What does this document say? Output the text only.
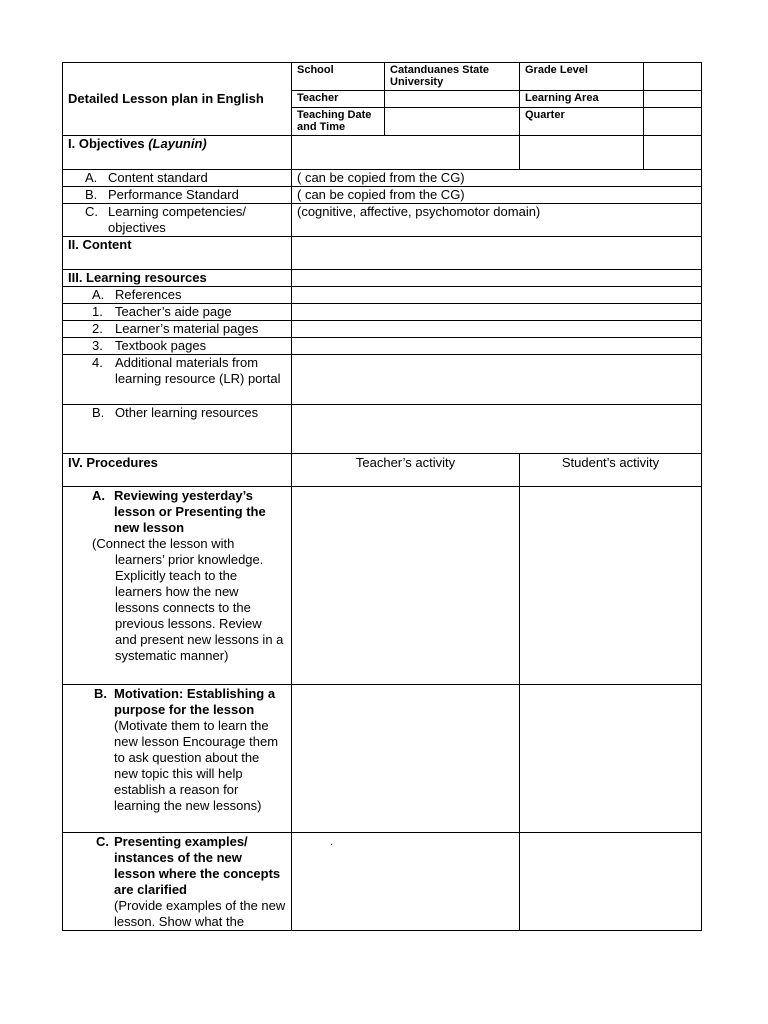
Detailed Lesson plan in English	School	Catanduanes State University	Grade Level	
	Teacher		Learning Area	
	Teaching Date and Time		Quarter	
I. Objectives (Layunin)				

A. Content standard	( can be copied from the CG)			

B. Performance Standard	( can be copied from the CG)			

C. Learning competencies/ objectives	(cognitive, affective, psychomotor domain)			
II. Content				
III. Learning resources				

A. References				

1. Teacher’s aide page				

2. Learner’s material pages				

3. Textbook pages				

4. Additional materials from learning resource (LR) portal				

B. Other learning resources				

IV. Procedures	Teacher’s activity		Student’s activity	

A. Reviewing yesterday’s lesson or Presenting the new lesson
(Connect the lesson with learners’ prior knowledge. Explicitly teach to the learners how the new lessons connects to the previous lessons. Review and present new lessons in a systematic manner)				

B. Motivation: Establishing a purpose for the lesson
(Motivate them to learn the new lesson Encourage them to ask question about the new topic this will help establish a reason for learning the new lessons)				

C. Presenting examples/ instances of the new lesson where the concepts are clarified
(Provide examples of the new lesson. Show what the	.			
